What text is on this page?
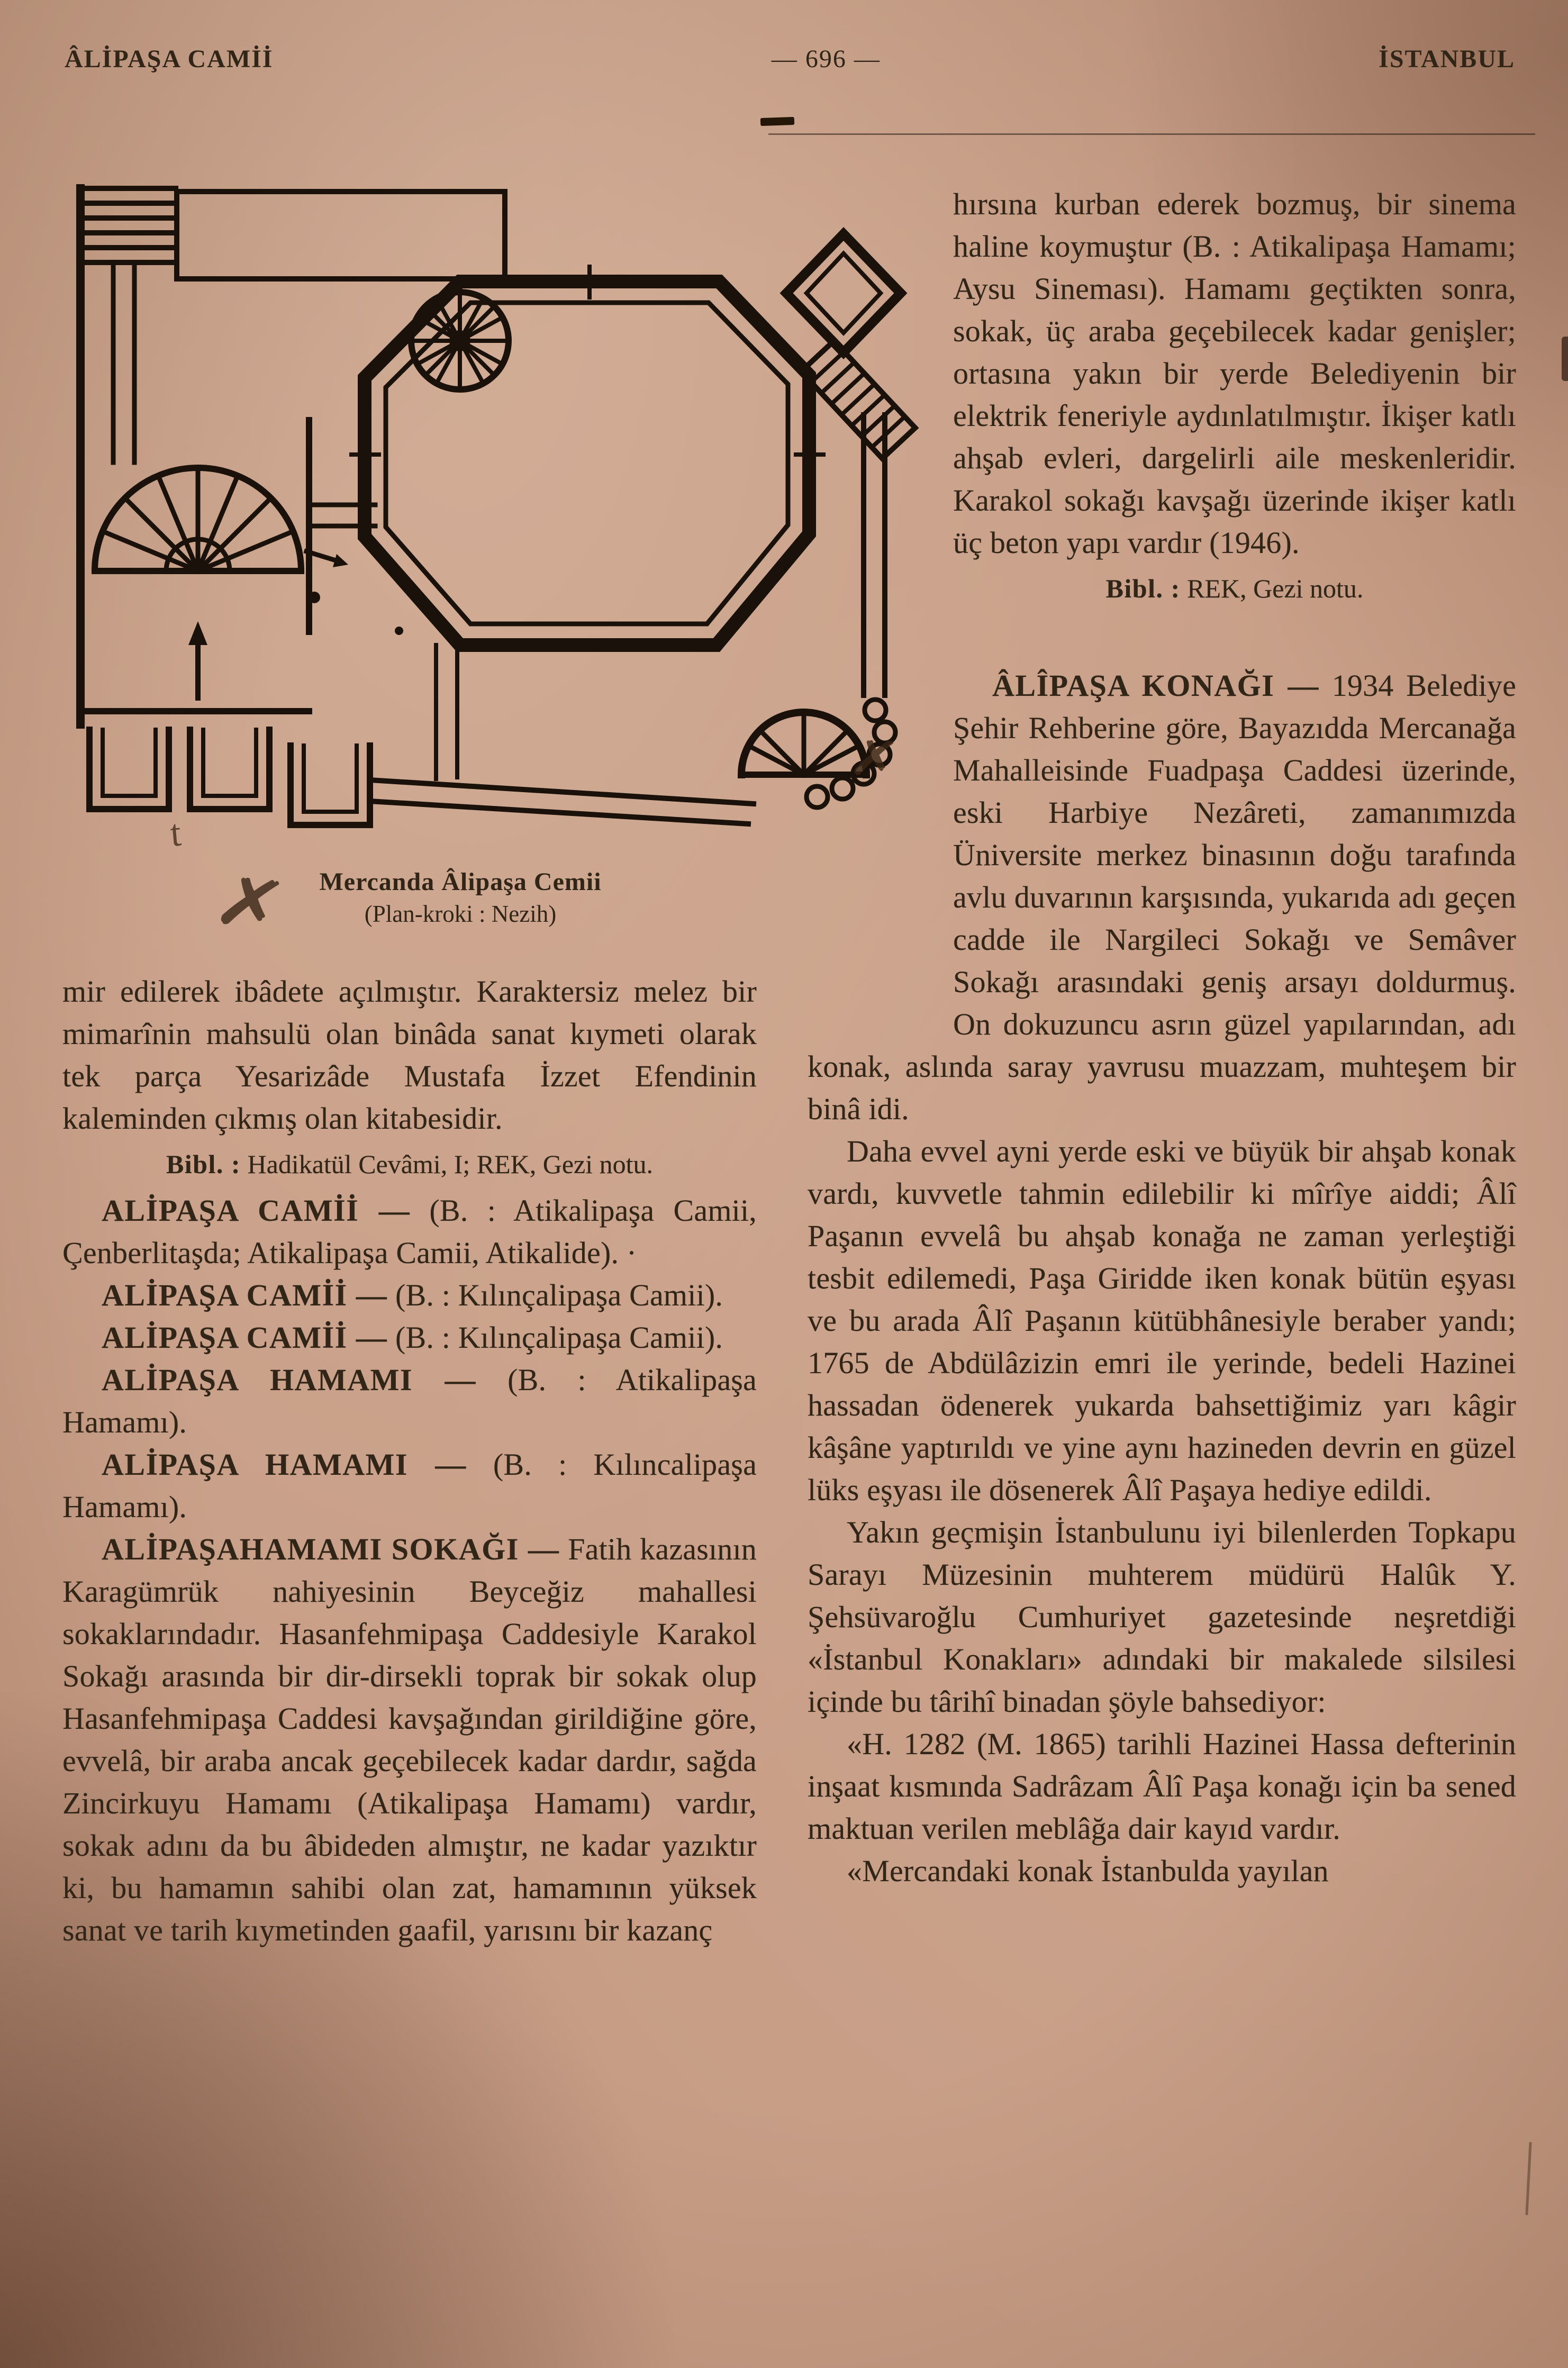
ÂLİPAŞA CAMİİ	— 696 —	İSTANBUL
t
Mercanda Âlipaşa Cemii
(Plan-kroki : Nezih)

mir edilerek ibâdete açılmıştır. Karaktersiz melez bir mimarînin mahsulü olan binâda sanat kıymeti olarak tek parça Yesarizâde Mustafa İzzet Efendinin kaleminden çıkmış olan kitabesidir.

Bibl. : Hadikatül Cevâmi, I; REK, Gezi notu.

ALİPAŞA CAMİİ — (B. : Atikalipaşa Camii, Çenberlitaşda; Atikalipaşa Camii, Atikalide). ·

ALİPAŞA CAMİİ — (B. : Kılınçalipaşa Camii).

ALİPAŞA CAMİİ — (B. : Kılınçalipaşa Camii).

ALİPAŞA HAMAMI — (B. : Atikalipaşa Hamamı).

ALİPAŞA HAMAMI — (B. : Kılıncalipaşa Hamamı).

ALİPAŞAHAMAMI SOKAĞI — Fatih kazasının Karagümrük nahiyesinin Beyceğiz mahallesi sokaklarındadır. Hasanfehmipaşa Caddesiyle Karakol Sokağı arasında bir dir-dirsekli toprak bir sokak olup Hasanfehmipaşa Caddesi kavşağından girildiğine göre, evvelâ, bir araba ancak geçebilecek kadar dardır, sağda Zincirkuyu Hamamı (Atikalipaşa Hamamı) vardır, sokak adını da bu âbideden almıştır, ne kadar yazıktır ki, bu hamamın sahibi olan zat, hamamının yüksek sanat ve tarih kıymetinden gaafil, yarısını bir kazanç

hırsına kurban ederek bozmuş, bir sinema haline koymuştur (B. : Atikalipaşa Hamamı; Aysu Sineması). Hamamı geçtikten sonra, sokak, üç araba geçebilecek kadar genişler; ortasına yakın bir yerde Belediyenin bir elektrik feneriyle aydınlatılmıştır. İkişer katlı ahşab evleri, dargelirli aile meskenleridir. Karakol sokağı kavşağı üzerinde ikişer katlı üç beton yapı vardır (1946).

Bibl. : REK, Gezi notu.

ÂLÎPAŞA KONAĞI — 1934 Belediye Şehir Rehberine göre, Bayazıdda Mercanağa Mahalleisinde Fuadpaşa Caddesi üzerinde, eski Harbiye Nezâreti, zamanımızda Üniversite merkez binasının doğu tarafında avlu duvarının karşısında, yukarıda adı geçen cadde ile Nargileci Sokağı ve Semâver Sokağı arasındaki geniş arsayı doldurmuş. On dokuzuncu asrın güzel yapılarından, adı konak, aslında saray yavrusu muazzam, muhteşem bir binâ idi.

Daha evvel ayni yerde eski ve büyük bir ahşab konak vardı, kuvvetle tahmin edilebilir ki mîrîye aiddi; Âlî Paşanın evvelâ bu ahşab konağa ne zaman yerleştiği tesbit edilemedi, Paşa Giridde iken konak bütün eşyası ve bu arada Âlî Paşanın kütübhânesiyle beraber yandı; 1765 de Abdülâzizin emri ile yerinde, bedeli Hazinei hassadan ödenerek yukarda bahsettiğimiz yarı kâgir kâşâne yaptırıldı ve yine aynı hazineden devrin en güzel lüks eşyası ile dösenerek Âlî Paşaya hediye edildi.

Yakın geçmişin İstanbulunu iyi bilenlerden Topkapu Sarayı Müzesinin muhterem müdürü Halûk Y. Şehsüvaroğlu Cumhuriyet gazetesinde neşretdiği «İstanbul Konakları» adındaki bir makalede silsilesi içinde bu târihî binadan şöyle bahsediyor:

«H. 1282 (M. 1865) tarihli Hazinei Hassa defterinin inşaat kısmında Sadrâzam Âlî Paşa konağı için ba sened maktuan verilen meblâğa dair kayıd vardır.

«Mercandaki konak İstanbulda yayılan

✗
✗
